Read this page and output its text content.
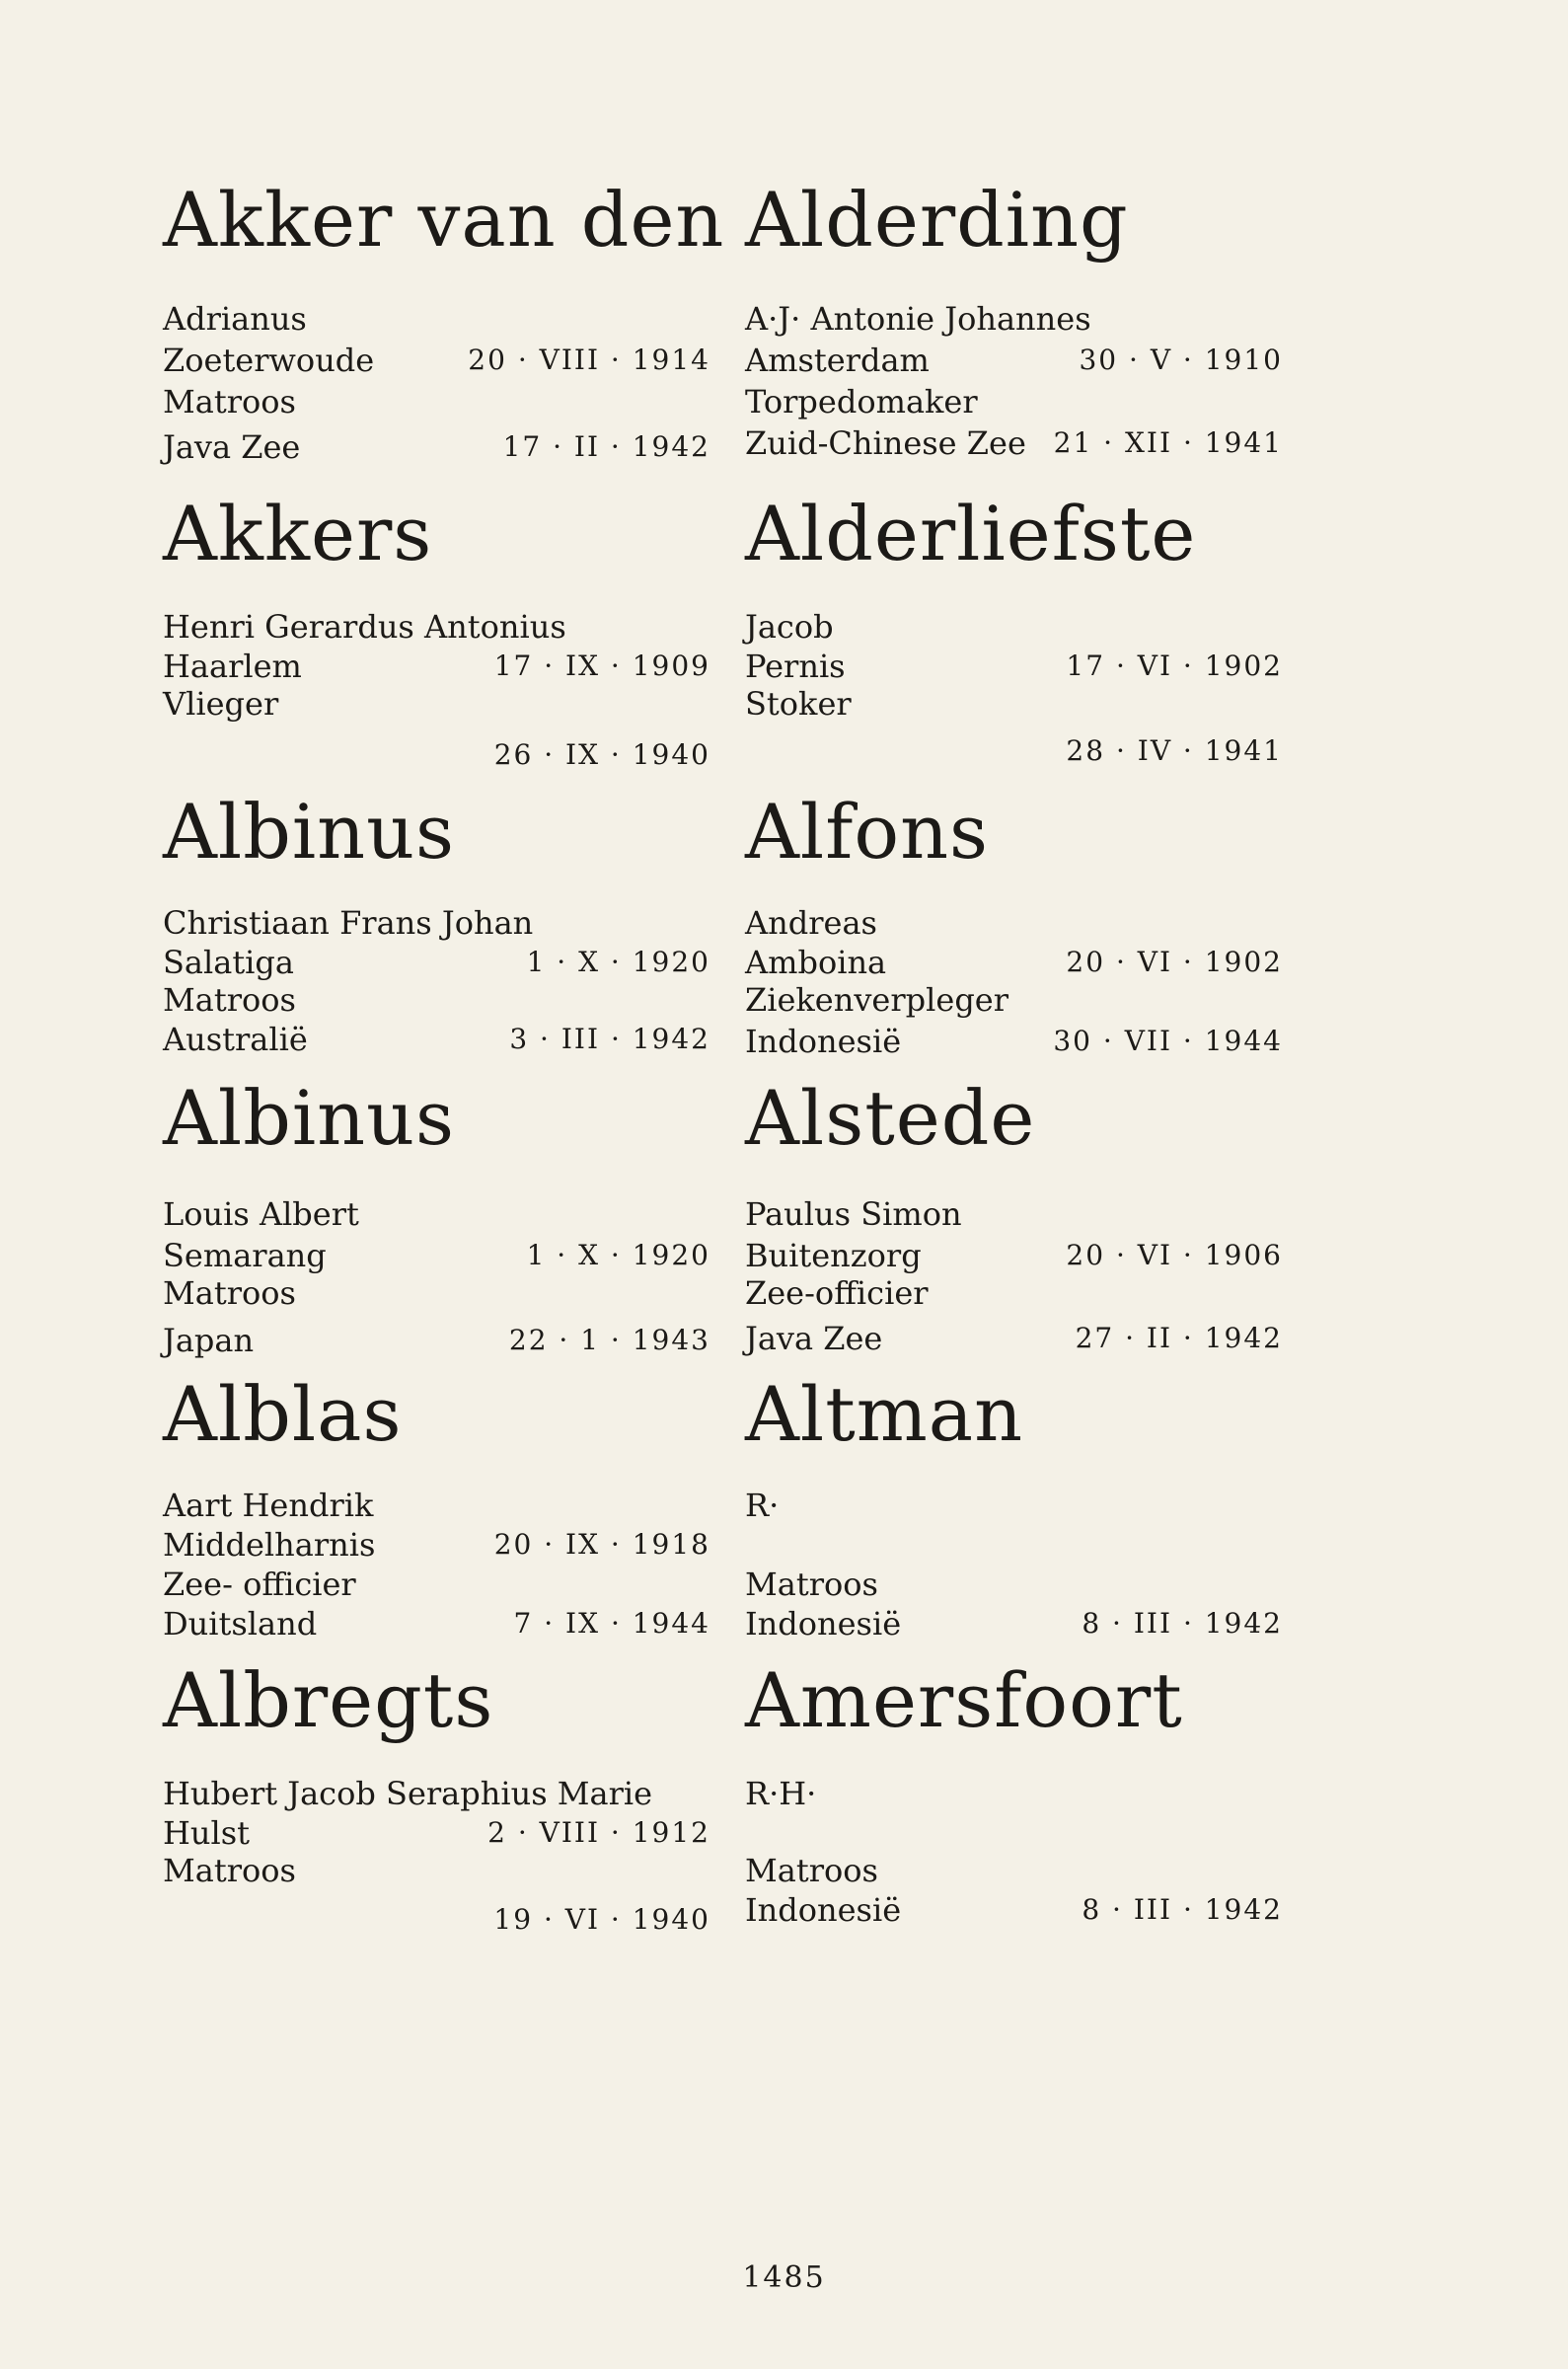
Akker van den
Adrianus
Zoeterwoude	20 · VIII · 1914
Matroos
Java Zee	17 · II · 1942
Akkers
Henri Gerardus Antonius
Haarlem	17 · IX · 1909
Vlieger
26 · IX · 1940
Albinus
Christiaan Frans Johan
Salatiga	1 · X · 1920
Matroos
Australië	3 · III · 1942
Albinus
Louis Albert
Semarang	1 · X · 1920
Matroos
Japan	22 · 1 · 1943
Alblas
Aart Hendrik
Middelharnis	20 · IX · 1918
Zee- officier
Duitsland	7 · IX · 1944
Albregts
Hubert Jacob Seraphius Marie
Hulst	2 · VIII · 1912
Matroos
19 · VI · 1940
Alderding
A·J· Antonie Johannes
Amsterdam	30 · V · 1910
Torpedomaker
Zuid-Chinese Zee 21 · XII · 1941
Alderliefste
Jacob
Pernis	17 · VI · 1902
Stoker
28 · IV · 1941
Alfons
Andreas
Amboina	20 · VI · 1902
Ziekenverpleger
Indonesië	30 · VII · 1944
Alstede
Paulus Simon
Buitenzorg	20 · VI · 1906
Zee-officier
Java Zee	27 · II · 1942
Altman
R·
Matroos
Indonesië	8 · III · 1942
Amersfoort
R·H·
Matroos
Indonesië	8 · III · 1942
1485
